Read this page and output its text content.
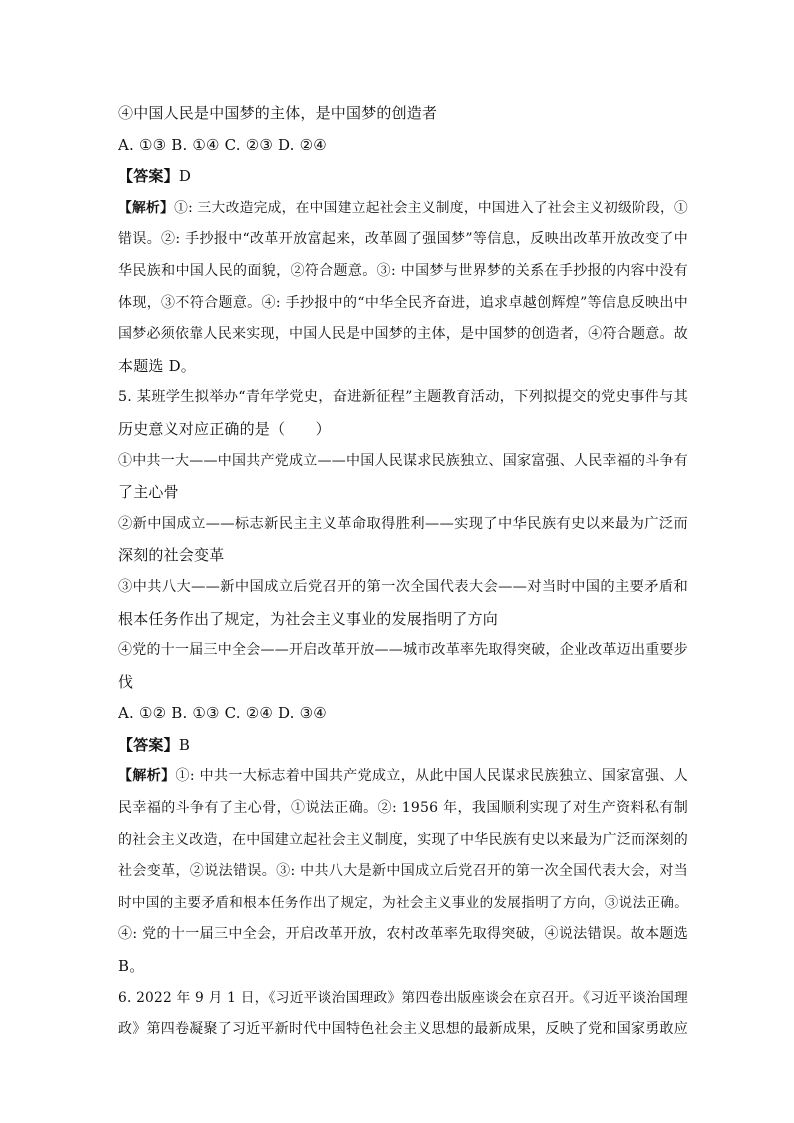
④中国人民是中国梦的主体，是中国梦的创造者
A. ①③ B. ①④ C. ②③ D. ②④
【答案】D
【解析】①: 三大改造完成，在中国建立起社会主义制度，中国进入了社会主义初级阶段，①
错误。②: 手抄报中“改革开放富起来，改革圆了强国梦”等信息，反映出改革开放改变了中
华民族和中国人民的面貌，②符合题意。③: 中国梦与世界梦的关系在手抄报的内容中没有
体现，③不符合题意。④: 手抄报中的“中华全民齐奋进，追求卓越创辉煌”等信息反映出中
国梦必须依靠人民来实现，中国人民是中国梦的主体，是中国梦的创造者，④符合题意。故
本题选 D。
5. 某班学生拟举办“青年学党史，奋进新征程”主题教育活动，下列拟提交的党史事件与其
历史意义对应正确的是（　　）
①中共一大——中国共产党成立——中国人民谋求民族独立、国家富强、人民幸福的斗争有
了主心骨
②新中国成立——标志新民主主义革命取得胜利——实现了中华民族有史以来最为广泛而
深刻的社会变革
③中共八大——新中国成立后党召开的第一次全国代表大会——对当时中国的主要矛盾和
根本任务作出了规定，为社会主义事业的发展指明了方向
④党的十一届三中全会——开启改革开放——城市改革率先取得突破，企业改革迈出重要步
伐
A. ①② B. ①③ C. ②④ D. ③④
【答案】B
【解析】①: 中共一大标志着中国共产党成立，从此中国人民谋求民族独立、国家富强、人
民幸福的斗争有了主心骨，①说法正确。②: 1956 年，我国顺利实现了对生产资料私有制
的社会主义改造，在中国建立起社会主义制度，实现了中华民族有史以来最为广泛而深刻的
社会变革，②说法错误。③: 中共八大是新中国成立后党召开的第一次全国代表大会，对当
时中国的主要矛盾和根本任务作出了规定，为社会主义事业的发展指明了方向，③说法正确。
④: 党的十一届三中全会，开启改革开放，农村改革率先取得突破，④说法错误。故本题选
B。
6. 2022 年 9 月 1 日，《习近平谈治国理政》第四卷出版座谈会在京召开。《习近平谈治国理
政》第四卷凝聚了习近平新时代中国特色社会主义思想的最新成果，反映了党和国家勇敢应
